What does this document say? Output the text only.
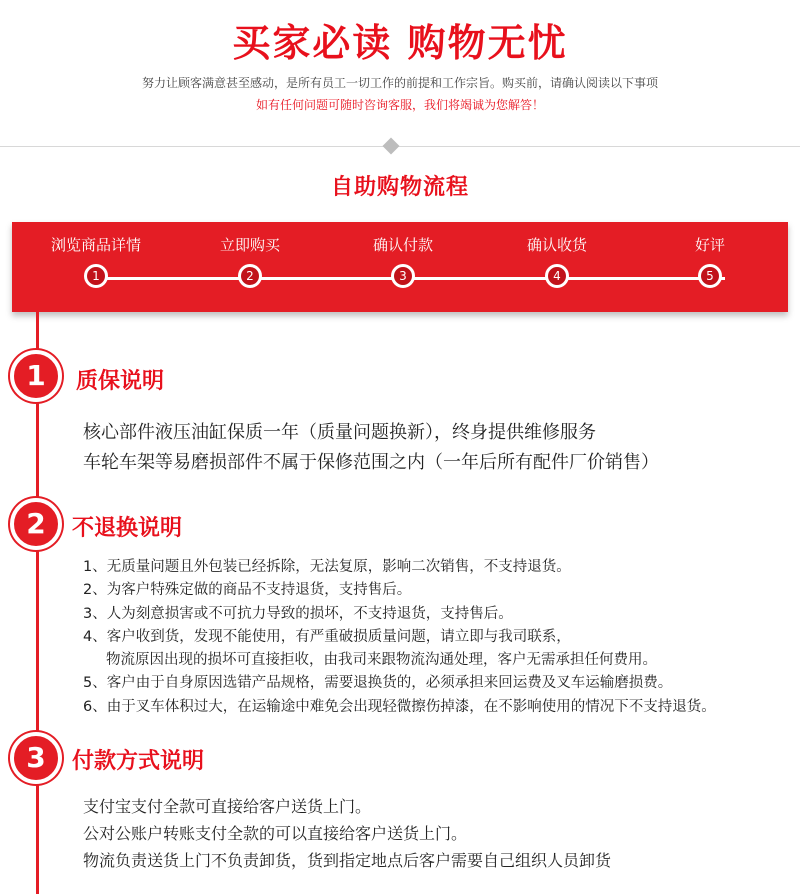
买家必读 购物无忧
努力让顾客满意甚至感动，是所有员工一切工作的前提和工作宗旨。购买前，请确认阅读以下事项
如有任何问题可随时咨询客服，我们将竭诚为您解答！
自助购物流程
浏览商品详情
1
立即购买
2
确认付款
3
确认收货
4
好评
5
1	质保说明
核心部件液压油缸保质一年（质量问题换新），终身提供维修服务
车轮车架等易磨损部件不属于保修范围之内（一年后所有配件厂价销售）
2	不退换说明
1、无质量问题且外包装已经拆除，无法复原，影响二次销售，不支持退货。
2、为客户特殊定做的商品不支持退货，支持售后。
3、人为刻意损害或不可抗力导致的损坏，不支持退货，支持售后。
4、客户收到货，发现不能使用，有严重破损质量问题，请立即与我司联系，
物流原因出现的损坏可直接拒收，由我司来跟物流沟通处理，客户无需承担任何费用。
5、客户由于自身原因选错产品规格，需要退换货的，必须承担来回运费及叉车运输磨损费。
6、由于叉车体积过大，在运输途中难免会出现轻微擦伤掉漆，在不影响使用的情况下不支持退货。
3	付款方式说明
支付宝支付全款可直接给客户送货上门。
公对公账户转账支付全款的可以直接给客户送货上门。
物流负责送货上门不负责卸货，货到指定地点后客户需要自己组织人员卸货
